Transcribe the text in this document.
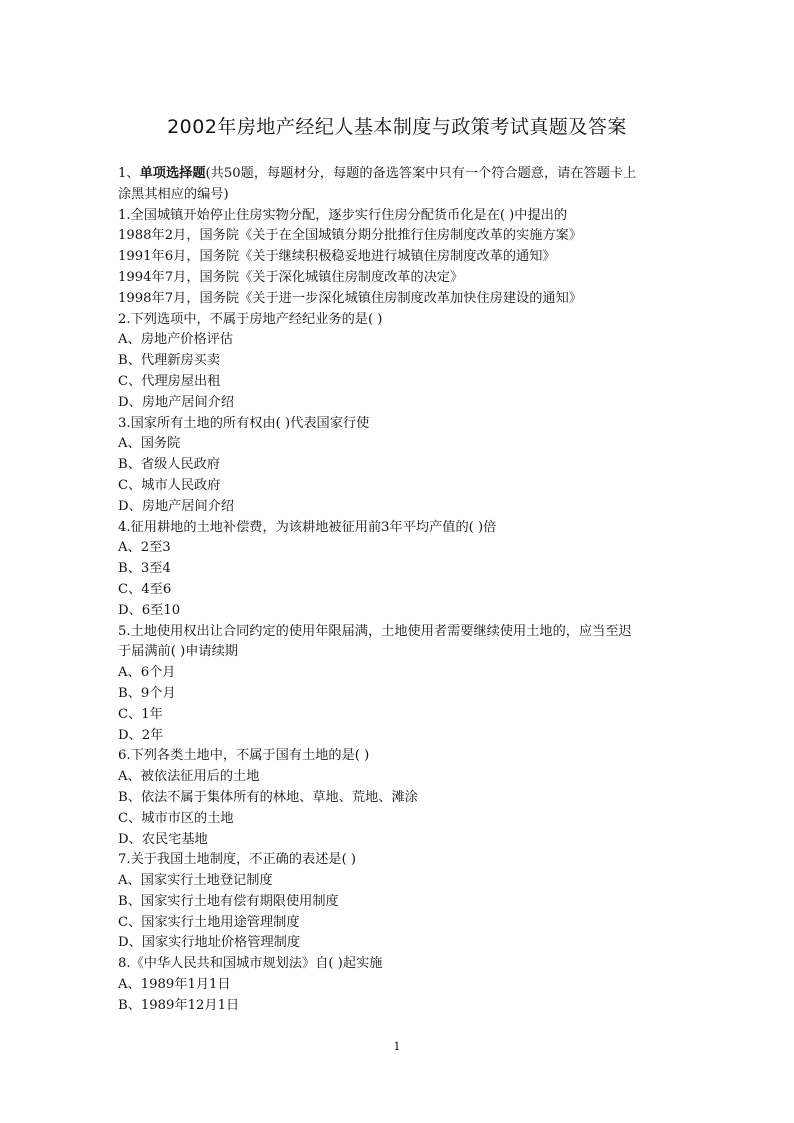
2002年房地产经纪人基本制度与政策考试真题及答案
1、单项选择题(共50题，每题材分，每题的备选答案中只有一个符合题意，请在答题卡上
涂黑其相应的编号)
1.全国城镇开始停止住房实物分配，逐步实行住房分配货币化是在( )中提出的
1988年2月，国务院《关于在全国城镇分期分批推行住房制度改革的实施方案》
1991年6月，国务院《关于继续积极稳妥地进行城镇住房制度改革的通知》
1994年7月，国务院《关于深化城镇住房制度改革的决定》
1998年7月，国务院《关于进一步深化城镇住房制度改革加快住房建设的通知》
2.下列选项中，不属于房地产经纪业务的是( )
A、房地产价格评估
B、代理新房买卖
C、代理房屋出租
D、房地产居间介绍
3.国家所有土地的所有权由( )代表国家行使
A、国务院
B、省级人民政府
C、城市人民政府
D、房地产居间介绍
4.征用耕地的土地补偿费，为该耕地被征用前3年平均产值的( )倍
A、2至3
B、3至4
C、4至6
D、6至10
5.土地使用权出让合同约定的使用年限届满，土地使用者需要继续使用土地的，应当至迟
于届满前( )申请续期
A、6个月
B、9个月
C、1年
D、2年
6.下列各类土地中，不属于国有土地的是( )
A、被依法征用后的土地
B、依法不属于集体所有的林地、草地、荒地、滩涂
C、城市市区的土地
D、农民宅基地
7.关于我国土地制度，不正确的表述是( )
A、国家实行土地登记制度
B、国家实行土地有偿有期限使用制度
C、国家实行土地用途管理制度
D、国家实行地址价格管理制度
8.《中华人民共和国城市规划法》自( )起实施
A、1989年1月1日
B、1989年12月1日
1
